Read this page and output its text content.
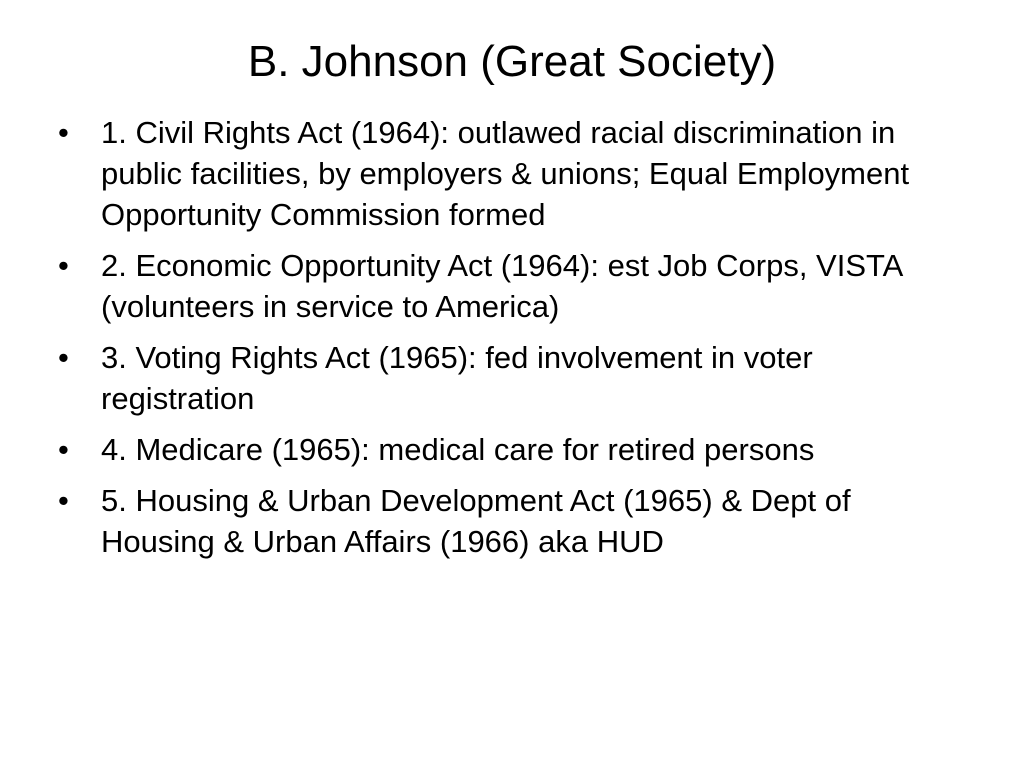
B. Johnson (Great Society)
• 1. Civil Rights Act (1964): outlawed racial discrimination in public facilities, by employers & unions; Equal Employment Opportunity Commission formed
• 2. Economic Opportunity Act (1964): est Job Corps, VISTA (volunteers in service to America)
• 3. Voting Rights Act (1965): fed involvement in voter registration
• 4. Medicare (1965): medical care for retired persons
• 5. Housing & Urban Development Act (1965) & Dept of Housing & Urban Affairs (1966) aka HUD
